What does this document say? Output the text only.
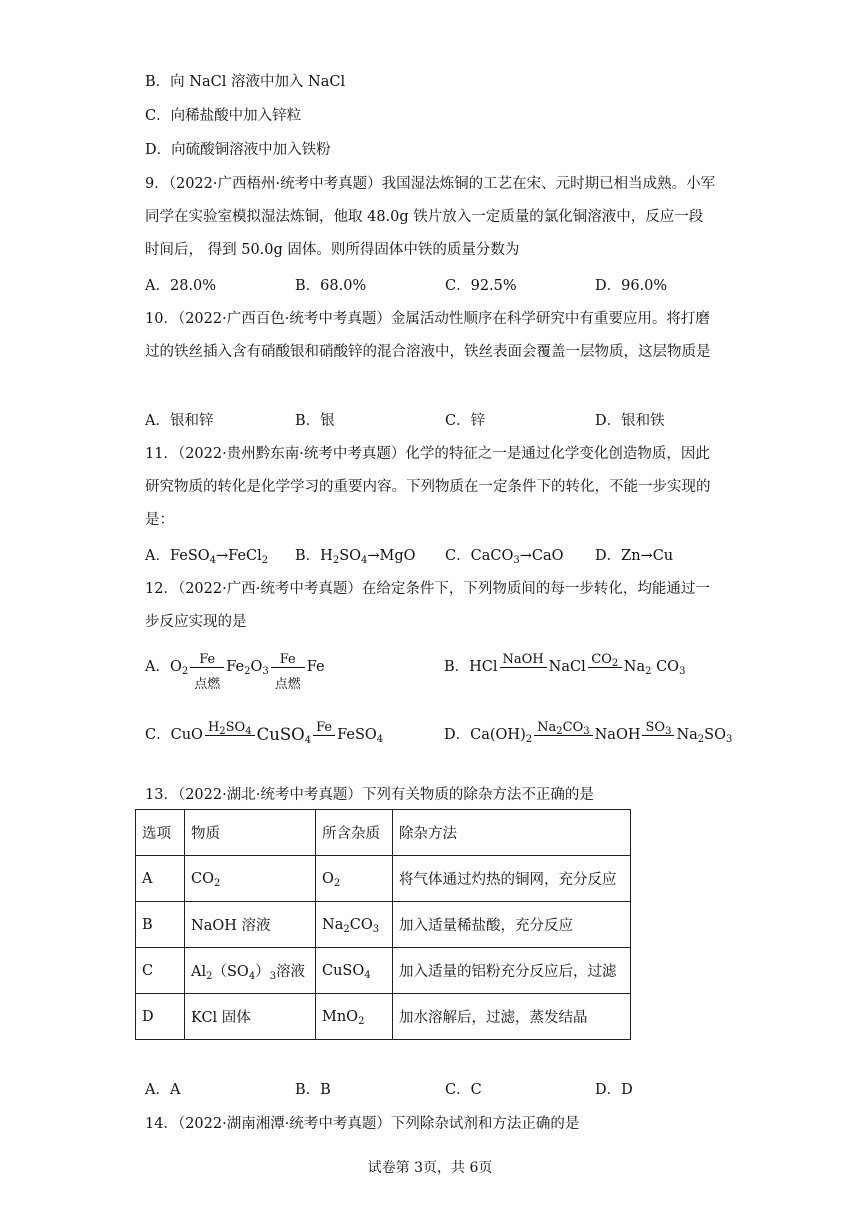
B．向 NaCl 溶液中加入 NaCl
C．向稀盐酸中加入锌粒
D．向硫酸铜溶液中加入铁粉
9．（2022·广西梧州·统考中考真题）我国湿法炼铜的工艺在宋、元时期已相当成熟。小军同学在实验室模拟湿法炼铜，他取 48.0g 铁片放入一定质量的氯化铜溶液中，反应一段时间后， 得到 50.0g 固体。则所得固体中铁的质量分数为
A．28.0%	B．68.0%	C．92.5%	D．96.0%
10．（2022·广西百色·统考中考真题）金属活动性顺序在科学研究中有重要应用。将打磨过的铁丝插入含有硝酸银和硝酸锌的混合溶液中，铁丝表面会覆盖一层物质，这层物质是
A．银和锌	B．银	C．锌	D．银和铁
11．（2022·贵州黔东南·统考中考真题）化学的特征之一是通过化学变化创造物质，因此研究物质的转化是化学学习的重要内容。下列物质在一定条件下的转化，不能一步实现的是：
A．FeSO$_4$→FeCl$_2$ B．$H_2SO_4\to MgO$ C．CaCO$_3$→CaO D．Zn→Cu
12．（2022·广西·统考中考真题）在给定条件下，下列物质间的每一步转化，均能通过一步反应实现的是
A． $O_2$
Fe
点燃
$Fe_2O_3$
Fe
点燃
Fe	B． HCl NaOH NaCl $CO_2$ $Na_2$ $CO_3$
C． CuO $H_2SO_4$ CuSO$_4$
Fe FeSO$_4$	D． $Ca(OH)_2$
$Na_2CO_3$ NaOH $SO_3$ $Na_2SO_3$
13．（2022·湖北·统考中考真题）下列有关物质的除杂方法不正确的是
选项	物质	所含杂质	除杂方法
A	$CO_2$	$O_2$	将气体通过灼热的铜网，充分反应
B	NaOH 溶液	$Na_2CO_3$	加入适量稀盐酸，充分反应
C	$Al_2(SO_4)_3$溶液	CuSO$_4$	加入适量的铝粉充分反应后，过滤
D	KCl 固体	MnO$_2$	加水溶解后，过滤，蒸发结晶
A．A	B．B	C．C	D．D
14．（2022·湖南湘潭·统考中考真题）下列除杂试剂和方法正确的是
试卷第 3页，共 6页
